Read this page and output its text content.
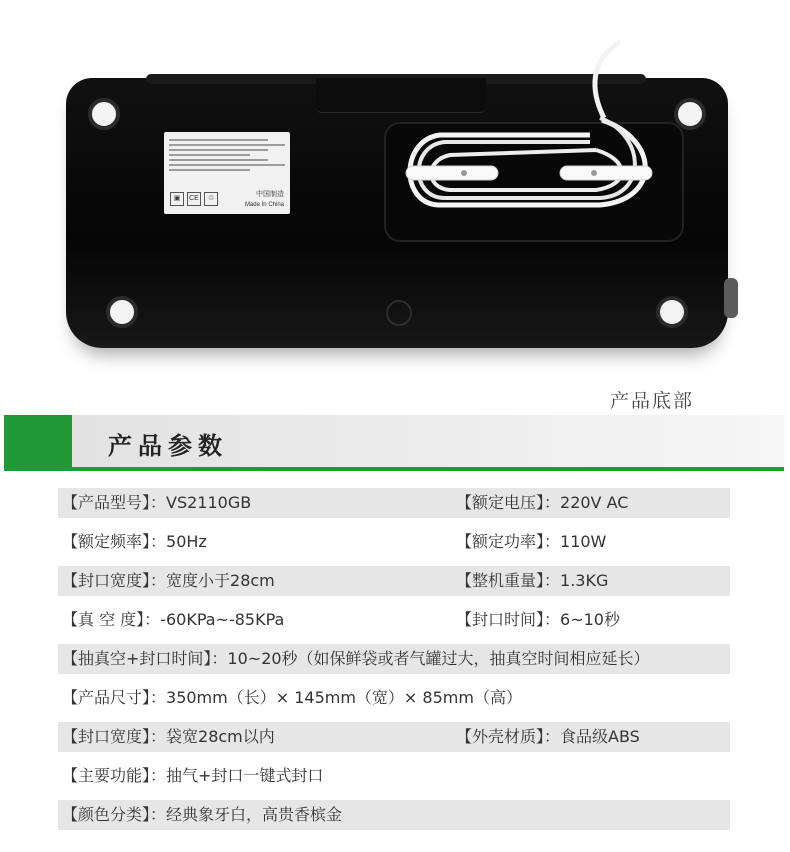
▣	CE	♲
中国制造
Made In China
产品底部
产品参数
【产品型号】：VS2110GB	【额定电压】：220V AC
【额定频率】：50Hz	【额定功率】：110W
【封口宽度】：宽度小于28cm	【整机重量】：1.3KG
【真 空 度】：-60KPa~-85KPa	【封口时间】：6~10秒
【抽真空+封口时间】：10~20秒（如保鲜袋或者气罐过大，抽真空时间相应延长）
【产品尺寸】：350mm（长）× 145mm（宽）× 85mm（高）
【封口宽度】：袋宽28cm以内	【外壳材质】：食品级ABS
【主要功能】：抽气+封口一键式封口
【颜色分类】：经典象牙白，高贵香槟金
